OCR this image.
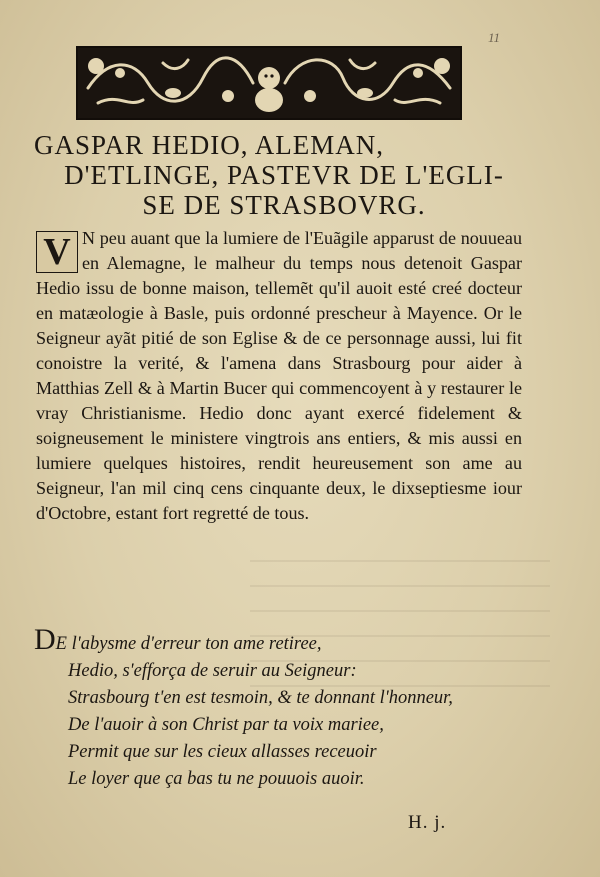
11
GASPAR HEDIO, ALEMAN,
D'ETLINGE, PASTEVR DE L'EGLI-
SE DE STRASBOVRG.
V N peu auant que la lumiere de l'Euãgile apparust de nouueau en Alemagne, le malheur du temps nous detenoit Gaspar Hedio issu de bonne maison, tellemẽt qu'il auoit esté creé docteur en matæologie à Basle, puis ordonné prescheur à Mayence. Or le Seigneur ayãt pitié de son Eglise & de ce personnage aussi, lui fit conoistre la verité, & l'amena dans Strasbourg pour aider à Matthias Zell & à Martin Bucer qui commencoyent à y restaurer le vray Christianisme. Hedio donc ayant exercé fidelement & soigneusement le ministere vingtrois ans entiers, & mis aussi en lumiere quelques histoires, rendit heureusement son ame au Seigneur, l'an mil cinq cens cinquante deux, le dixseptiesme iour d'Octobre, estant fort regretté de tous.

DE l'abysme d'erreur ton ame retiree,
Hedio, s'efforça de seruir au Seigneur:
Strasbourg t'en est tesmoin, & te donnant l'honneur,
De l'auoir à son Christ par ta voix mariee,
Permit que sur les cieux allasses receuoir
Le loyer que ça bas tu ne pouuois auoir.
H. j.
